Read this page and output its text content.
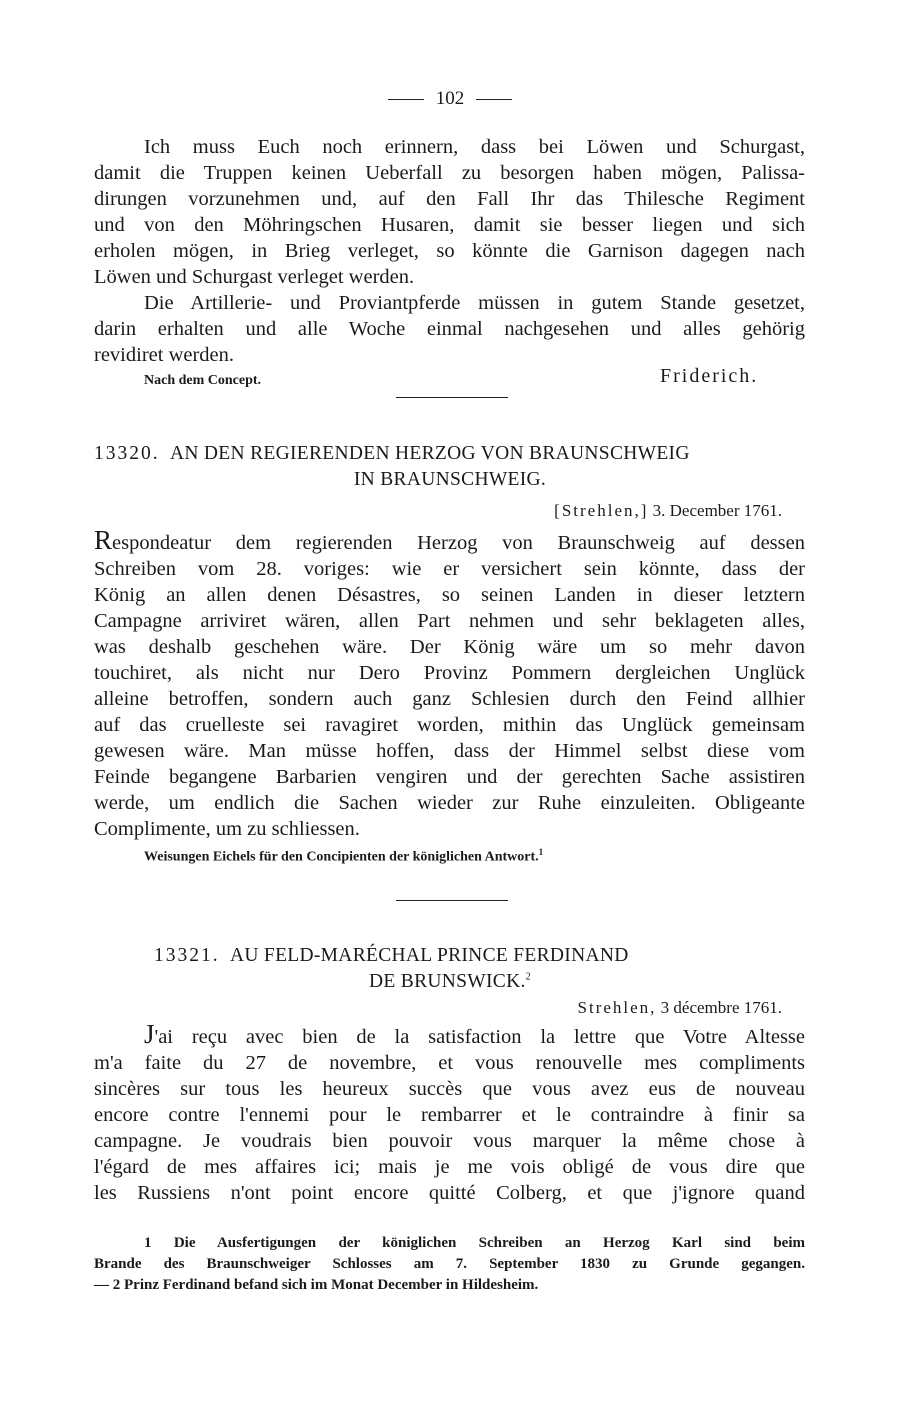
102
Ich muss Euch noch erinnern, dass bei Löwen und Schurgast,
damit die Truppen keinen Ueberfall zu besorgen haben mögen, Palissa-
dirungen vorzunehmen und, auf den Fall Ihr das Thilesche Regiment
und von den Möhringschen Husaren, damit sie besser liegen und sich
erholen mögen, in Brieg verleget, so könnte die Garnison dagegen nach
Löwen und Schurgast verleget werden.
Die Artillerie- und Proviantpferde müssen in gutem Stande gesetzet,
darin erhalten und alle Woche einmal nachgesehen und alles gehörig
revidiret werden.
Nach dem Concept.	Friderich.
13320. AN DEN REGIERENDEN HERZOG VON BRAUNSCHWEIG
IN BRAUNSCHWEIG.
[Strehlen,] 3. December 1761.
Respondeatur dem regierenden Herzog von Braunschweig auf dessen
Schreiben vom 28. voriges: wie er versichert sein könnte, dass der
König an allen denen Désastres, so seinen Landen in dieser letztern
Campagne arriviret wären, allen Part nehmen und sehr beklageten alles,
was deshalb geschehen wäre. Der König wäre um so mehr davon
touchiret, als nicht nur Dero Provinz Pommern dergleichen Unglück
alleine betroffen, sondern auch ganz Schlesien durch den Feind allhier
auf das cruelleste sei ravagiret worden, mithin das Unglück gemeinsam
gewesen wäre. Man müsse hoffen, dass der Himmel selbst diese vom
Feinde begangene Barbarien vengiren und der gerechten Sache assistiren
werde, um endlich die Sachen wieder zur Ruhe einzuleiten. Obligeante
Complimente, um zu schliessen.
Weisungen Eichels für den Concipienten der königlichen Antwort.$^1$
13321. AU FELD-MARÉCHAL PRINCE FERDINAND
DE BRUNSWICK.$^2$
Strehlen, 3 décembre 1761.
J'ai reçu avec bien de la satisfaction la lettre que Votre Altesse
m'a faite du 27 de novembre, et vous renouvelle mes compliments
sincères sur tous les heureux succès que vous avez eus de nouveau
encore contre l'ennemi pour le rembarrer et le contraindre à finir sa
campagne. Je voudrais bien pouvoir vous marquer la même chose à
l'égard de mes affaires ici; mais je me vois obligé de vous dire que
les Russiens n'ont point encore quitté Colberg, et que j'ignore quand
1 Die Ausfertigungen der königlichen Schreiben an Herzog Karl sind beim
Brande des Braunschweiger Schlosses am 7. September 1830 zu Grunde gegangen.
— 2 Prinz Ferdinand befand sich im Monat December in Hildesheim.
